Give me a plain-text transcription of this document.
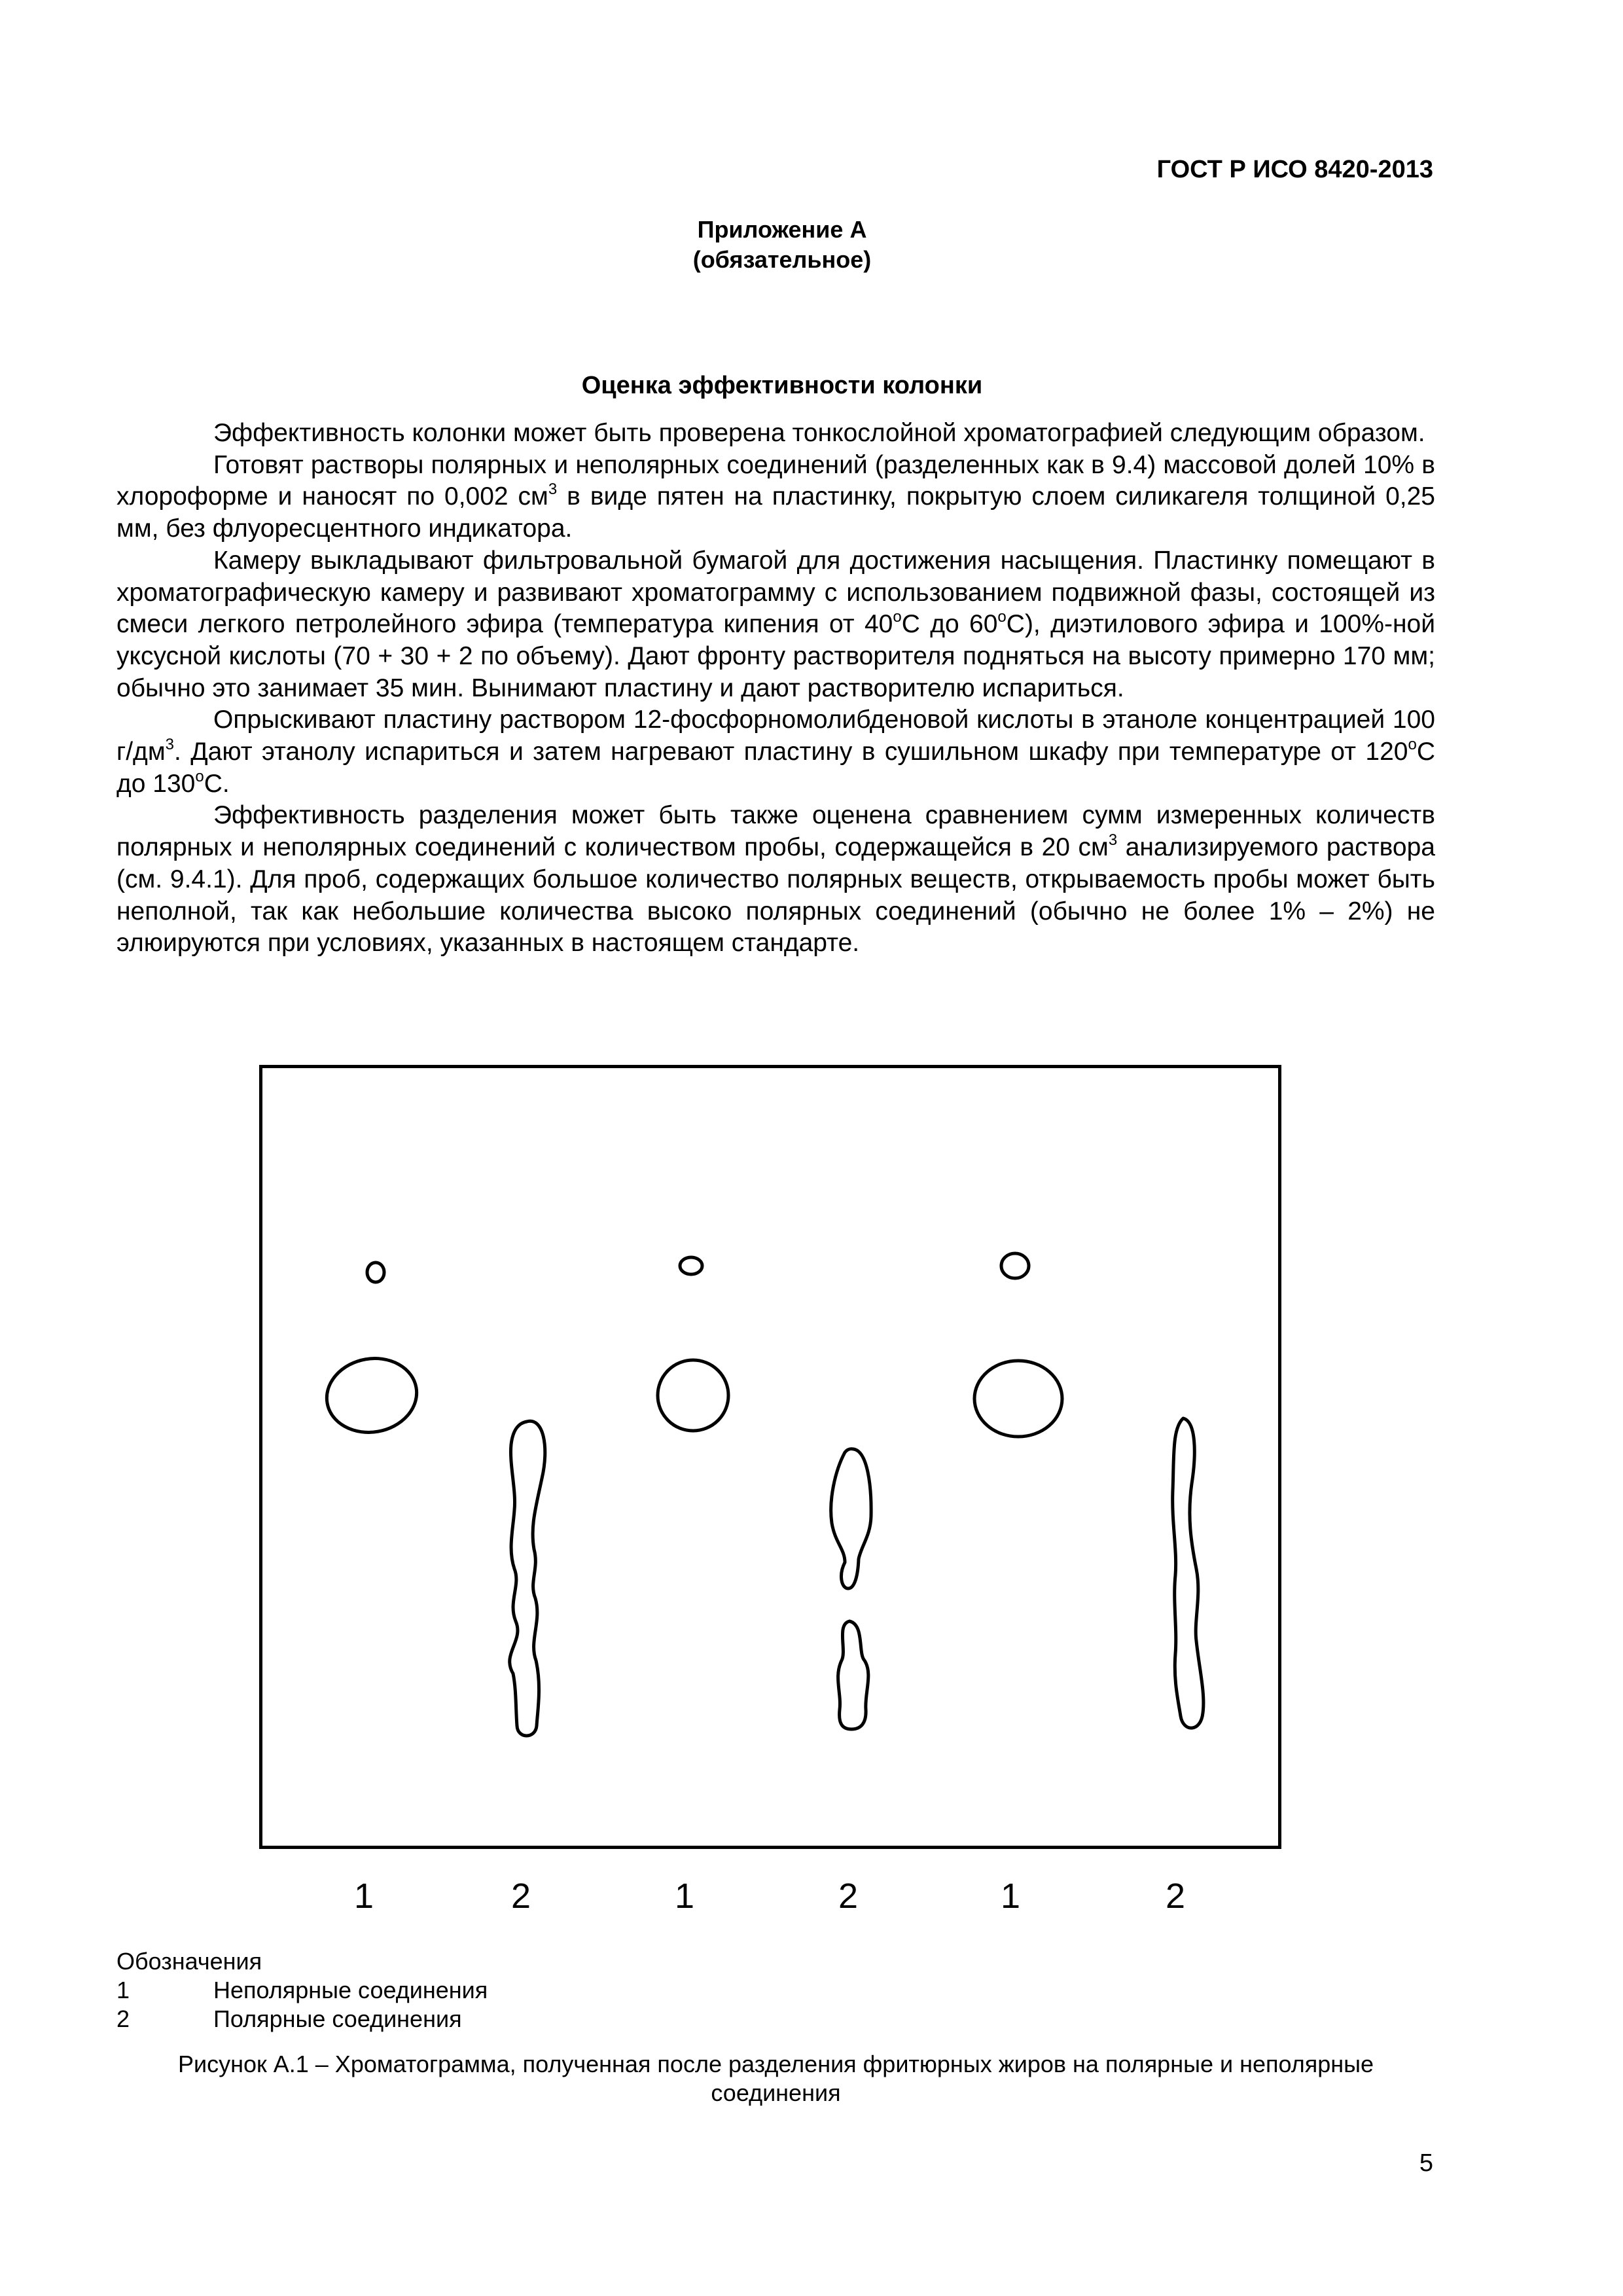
ГОСТ Р ИСО 8420-2013
Приложение А
(обязательное)
Оценка эффективности колонки

Эффективность колонки может быть проверена тонкослойной хроматографией следующим образом.

Готовят растворы полярных и неполярных соединений (разделенных как в 9.4) массовой долей 10% в хлороформе и наносят по 0,002 $см^3$ в виде пятен на пластинку, покрытую слоем силикагеля толщиной 0,25 мм, без флуоресцентного индикатора.

Камеру выкладывают фильтровальной бумагой для достижения насыщения. Пластинку помещают в хроматографическую камеру и развивают хроматограмму с использованием подвижной фазы, состоящей из смеси легкого петролейного эфира (температура кипения от $40^оС$ до $60^оС$), диэтилового эфира и 100%-ной уксусной кислоты (70 + 30 + 2 по объему). Дают фронту растворителя подняться на высоту примерно 170 мм; обычно это занимает 35 мин. Вынимают пластину и дают растворителю испариться.

Опрыскивают пластину раствором 12-фосфорномолибденовой кислоты в этаноле концентрацией 100 $г/дм^3$. Дают этанолу испариться и затем нагревают пластину в сушильном шкафу при температуре от $120^оС$ до $130^оС$.

Эффективность разделения может быть также оценена сравнением сумм измеренных количеств полярных и неполярных соединений с количеством пробы, содержащейся в 20 $см^3$ анализируемого раствора (см. 9.4.1). Для проб, содержащих большое количество полярных веществ, открываемость пробы может быть неполной, так как небольшие количества высоко полярных соединений (обычно не более 1% – 2%) не элюируются при условиях, указанных в настоящем стандарте.

1	2	1	2	1	2
Обозначения
1	Неполярные соединения
2	Полярные соединения
Рисунок А.1 – Хроматограмма, полученная после разделения фритюрных жиров на полярные и неполярные соединения
5
